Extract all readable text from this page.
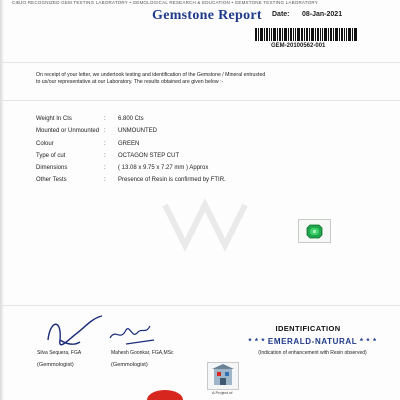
CIBJO RECOGNIZED GEM TESTING LABORATORY • GEMOLOGICAL RESEARCH & EDUCATION • GEMSTONE TESTING LABORATORY
Gemstone Report Date: 08-Jan-2021
GEM-20100562-001
On receipt of your letter, we undertook testing and identification of the Gemstone / Mineral entrusted to us/our representative at our Laboratory. The results obtained are given below :-
Weight In Cts	: 6.800 Cts
Mounted or Unmounted : UNMOUNTED
Colour	: GREEN
Type of cut	: OCTAGON STEP CUT
Dimensions	: ( 13.08 x 9.75 x 7.27 mm ) Approx
Other Tests	: Presence of Resin is confirmed by FTIR.
Silva Sequera, FGA
(Gemmologist)
Mahesh Goonkar, FGA,MSc
(Gemmologist)
IDENTIFICATION
* * * EMERALD-NATURAL * * *
(Indication of enhancement with Resin observed)
A Project of
